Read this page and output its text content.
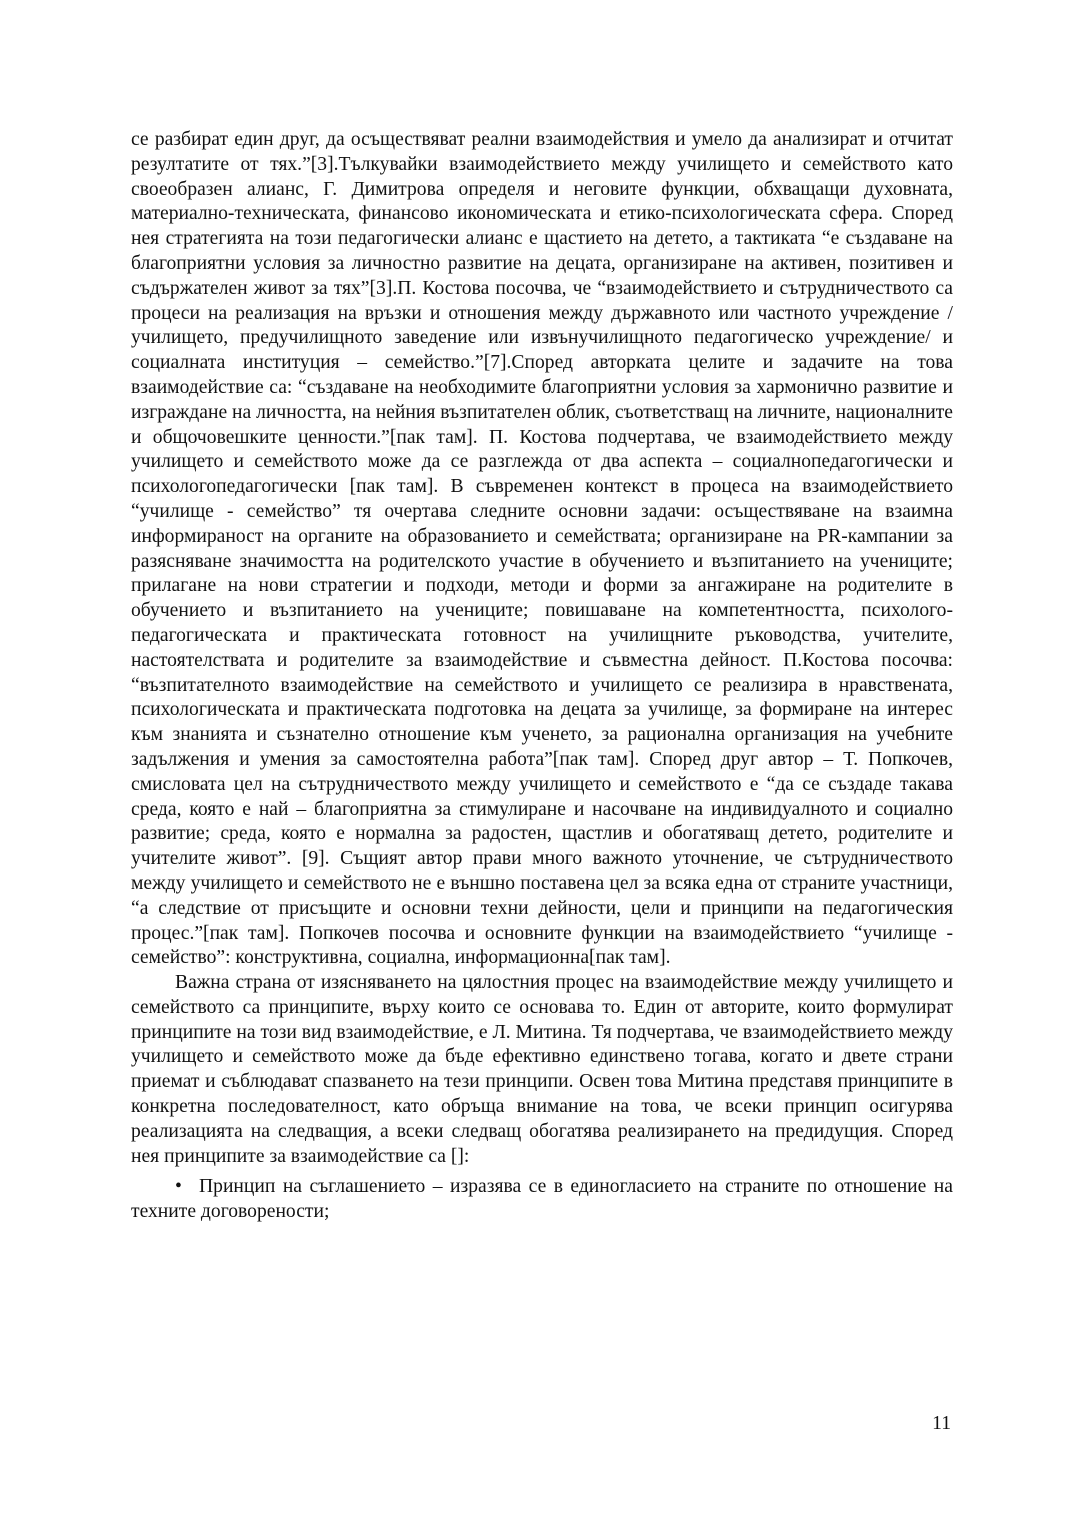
се разбират един друг, да осъществяват реални взаимодействия и умело да анализират и отчитат резултатите от тях.”[3].Тълкувайки взаимодействието между училището и семейството като своеобразен алианс, Г. Димитрова определя и неговите функции, обхващащи духовната, материално-техническата, финансово икономическата и етико-психологическата сфера. Според нея стратегията на този педагогически алианс е щастието на детето, а тактиката “е създаване на благоприятни условия за личностно развитие на децата, организиране на активен, позитивен и съдържателен живот за тях”[3].П. Костова посочва, че “взаимодействието и сътрудничеството са процеси на реализация на връзки и отношения между държавното или частното учреждение /училището, предучилищното заведение или извънучилищното педагогическо учреждение/ и социалната институция – семейство.”[7].Според авторката целите и задачите на това взаимодействие са: “създаване на необходимите благоприятни условия за хармонично развитие и изграждане на личността, на нейния възпитателен облик, съответстващ на личните, националните и общочовешките ценности.”[пак там]. П. Костова подчертава, че взаимодействието между училището и семейството може да се разглежда от два аспекта – социалнопедагогически и психологопедагогически [пак там]. В съвременен контекст в процеса на взаимодействието “училище - семейство” тя очертава следните основни задачи: осъществяване на взаимна информираност на органите на образованието и семействата; организиране на PR-кампании за разясняване значимостта на родителското участие в обучението и възпитанието на учениците; прилагане на нови стратегии и подходи, методи и форми за ангажиране на родителите в обучението и възпитанието на учениците; повишаване на компетентността, психолого-педагогическата и практическата готовност на училищните ръководства, учителите, настоятелствата и родителите за взаимодействие и съвместна дейност. П.Костова посочва: “възпитателното взаимодействие на семейството и училището се реализира в нравствената, психологическата и практическата подготовка на децата за училище, за формиране на интерес към знанията и съзнателно отношение към ученето, за рационална организация на учебните задължения и умения за самостоятелна работа”[пак там]. Според друг автор – Т. Попкочев, смисловата цел на сътрудничеството между училището и семейството е “да се създаде такава среда, която е най – благоприятна за стимулиране и насочване на индивидуалното и социално развитие; среда, която е нормална за радостен, щастлив и обогатяващ детето, родителите и учителите живот”. [9]. Същият автор прави много важното уточнение, че сътрудничеството между училището и семейството не е външно поставена цел за всяка една от страните участници, “а следствие от присъщите и основни техни дейности, цели и принципи на педагогическия процес.”[пак там]. Попкочев посочва и основните функции на взаимодействието “училище - семейство”: конструктивна, социална, информационна[пак там].

Важна страна от изясняването на цялостния процес на взаимодействие между училището и семейството са принципите, върху които се основава то. Един от авторите, които формулират принципите на този вид взаимодействие, е Л. Митина. Тя подчертава, че взаимодействието между училището и семейството може да бъде ефективно единствено тогава, когато и двете страни приемат и съблюдават спазването на тези принципи. Освен това Митина представя принципите в конкретна последователност, като обръща внимание на това, че всеки принцип осигурява реализацията на следващия, а всеки следващ обогатява реализирането на предидущия. Според нея принципите за взаимодействие са []:

• Принцип на съглашението – изразява се в единогласието на страните по отношение на техните договорености;

11
